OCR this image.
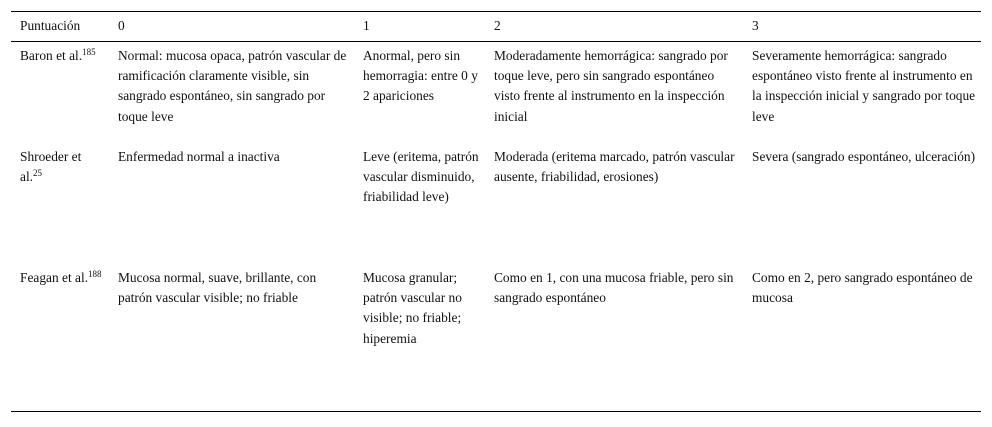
Puntuación	0	1	2	3
Baron et al.$^{185}$	Normal: mucosa opaca, patrón vascular de ramificación claramente visible, sin sangrado espontáneo, sin sangrado por toque leve	Anormal, pero sin hemorragia: entre 0 y 2 apariciones	Moderadamente hemorrágica: sangrado por toque leve, pero sin sangrado espontáneo visto frente al instrumento en la inspección inicial	Severamente hemorrágica: sangrado espontáneo visto frente al instrumento en la inspección inicial y sangrado por toque leve
Shroeder et al.$^{25}$	Enfermedad normal a inactiva	Leve (eritema, patrón vascular disminuido, friabilidad leve)	Moderada (eritema marcado, patrón vascular ausente, friabilidad, erosiones)	Severa (sangrado espontáneo, ulceración)
Feagan et al.$^{188}$	Mucosa normal, suave, brillante, con patrón vascular visible; no friable	Mucosa granular; patrón vascular no visible; no friable; hiperemia	Como en 1, con una mucosa friable, pero sin sangrado espontáneo	Como en 2, pero sangrado espontáneo de mucosa
